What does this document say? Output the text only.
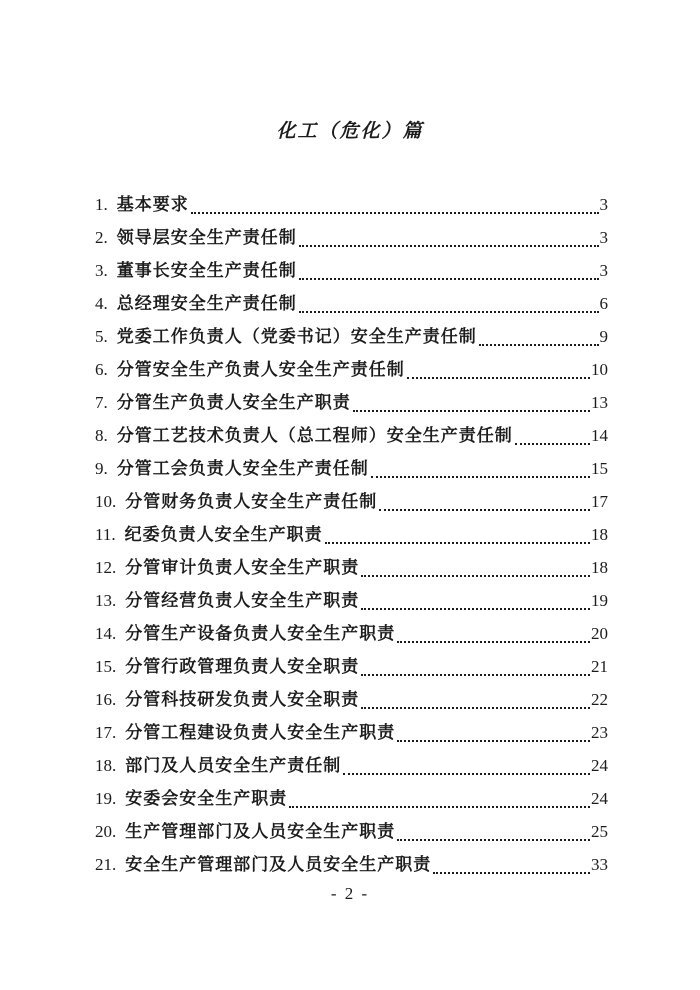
化工（危化）篇
1. 基本要求	3
2. 领导层安全生产责任制	3
3. 董事长安全生产责任制	3
4. 总经理安全生产责任制	6
5. 党委工作负责人（党委书记）安全生产责任制	9
6. 分管安全生产负责人安全生产责任制	10
7. 分管生产负责人安全生产职责	13
8. 分管工艺技术负责人（总工程师）安全生产责任制	14
9. 分管工会负责人安全生产责任制	15
10. 分管财务负责人安全生产责任制	17
11. 纪委负责人安全生产职责	18
12. 分管审计负责人安全生产职责	18
13. 分管经营负责人安全生产职责	19
14. 分管生产设备负责人安全生产职责	20
15. 分管行政管理负责人安全职责	21
16. 分管科技研发负责人安全职责	22
17. 分管工程建设负责人安全生产职责	23
18. 部门及人员安全生产责任制	24
19. 安委会安全生产职责	24
20. 生产管理部门及人员安全生产职责	25
21. 安全生产管理部门及人员安全生产职责	33
- 2 -
